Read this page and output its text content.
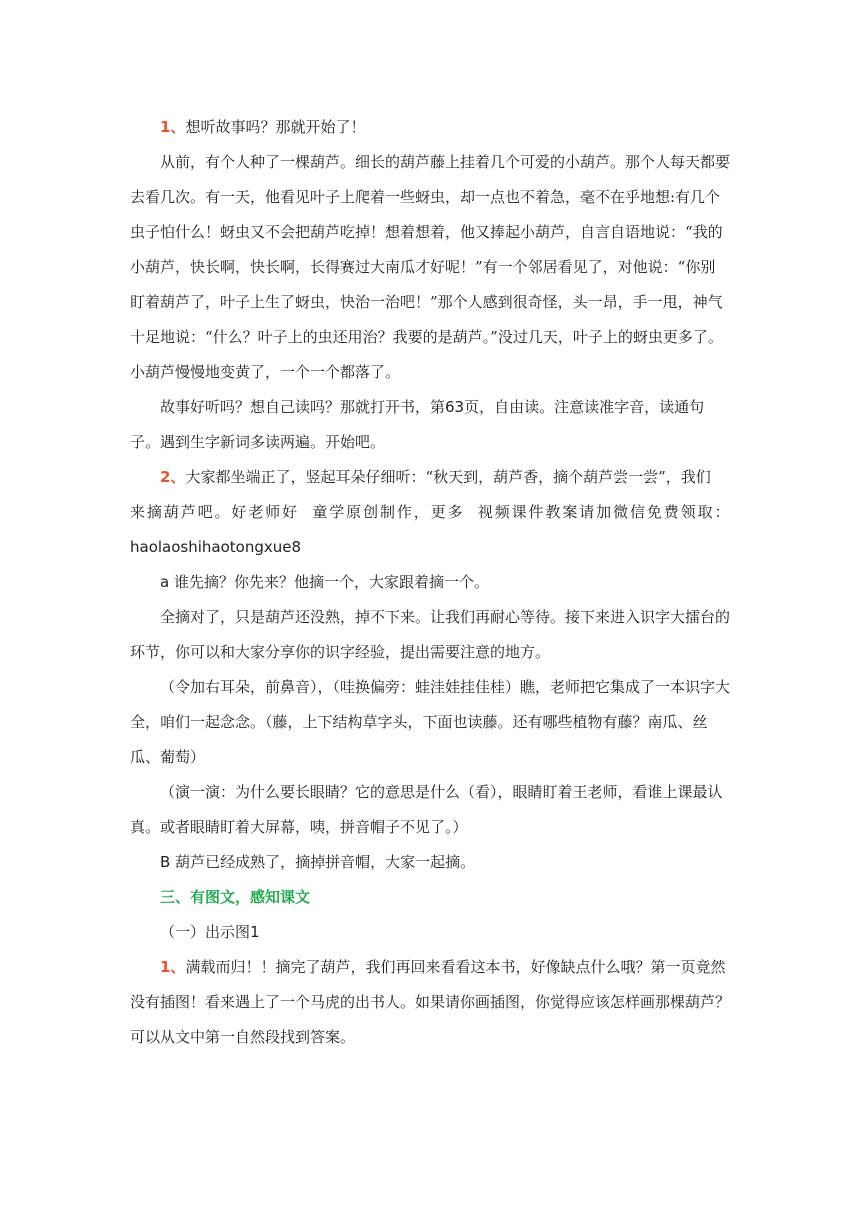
1、想听故事吗？那就开始了！

从前，有个人种了一棵葫芦。细长的葫芦藤上挂着几个可爱的小葫芦。那个人每天都要去看几次。有一天，他看见叶子上爬着一些蚜虫，却一点也不着急，毫不在乎地想:有几个虫子怕什么！蚜虫又不会把葫芦吃掉！想着想着，他又捧起小葫芦，自言自语地说：“我的小葫芦，快长啊，快长啊，长得赛过大南瓜才好呢！”有一个邻居看见了，对他说：“你别盯着葫芦了，叶子上生了蚜虫，快治一治吧！”那个人感到很奇怪，头一昂，手一甩，神气十足地说：“什么？叶子上的虫还用治？我要的是葫芦。”没过几天，叶子上的蚜虫更多了。小葫芦慢慢地变黄了，一个一个都落了。

故事好听吗？想自己读吗？那就打开书，第63页，自由读。注意读准字音，读通句子。遇到生字新词多读两遍。开始吧。

2、大家都坐端正了，竖起耳朵仔细听：“秋天到，葫芦香，摘个葫芦尝一尝”，我们

来摘葫芦吧。好老师好  童学原创制作，更多  视频课件教案请加微信免费领取：

haolaoshihaotongxue8

a 谁先摘？你先来？他摘一个，大家跟着摘一个。

全摘对了，只是葫芦还没熟，掉不下来。让我们再耐心等待。接下来进入识字大擂台的环节，你可以和大家分享你的识字经验，提出需要注意的地方。

（令加右耳朵，前鼻音），（哇换偏旁：蛙洼娃挂佳桂）瞧，老师把它集成了一本识字大全，咱们一起念念。（藤，上下结构草字头，下面也读藤。还有哪些植物有藤？南瓜、丝瓜、葡萄）

（演一演：为什么要长眼睛？它的意思是什么（看），眼睛盯着王老师，看谁上课最认真。或者眼睛盯着大屏幕，咦，拼音帽子不见了。）

B 葫芦已经成熟了，摘掉拼音帽，大家一起摘。

三、有图文，感知课文

（一）出示图1

1、满载而归！！摘完了葫芦，我们再回来看看这本书，好像缺点什么哦？第一页竟然没有插图！看来遇上了一个马虎的出书人。如果请你画插图，你觉得应该怎样画那棵葫芦？可以从文中第一自然段找到答案。
